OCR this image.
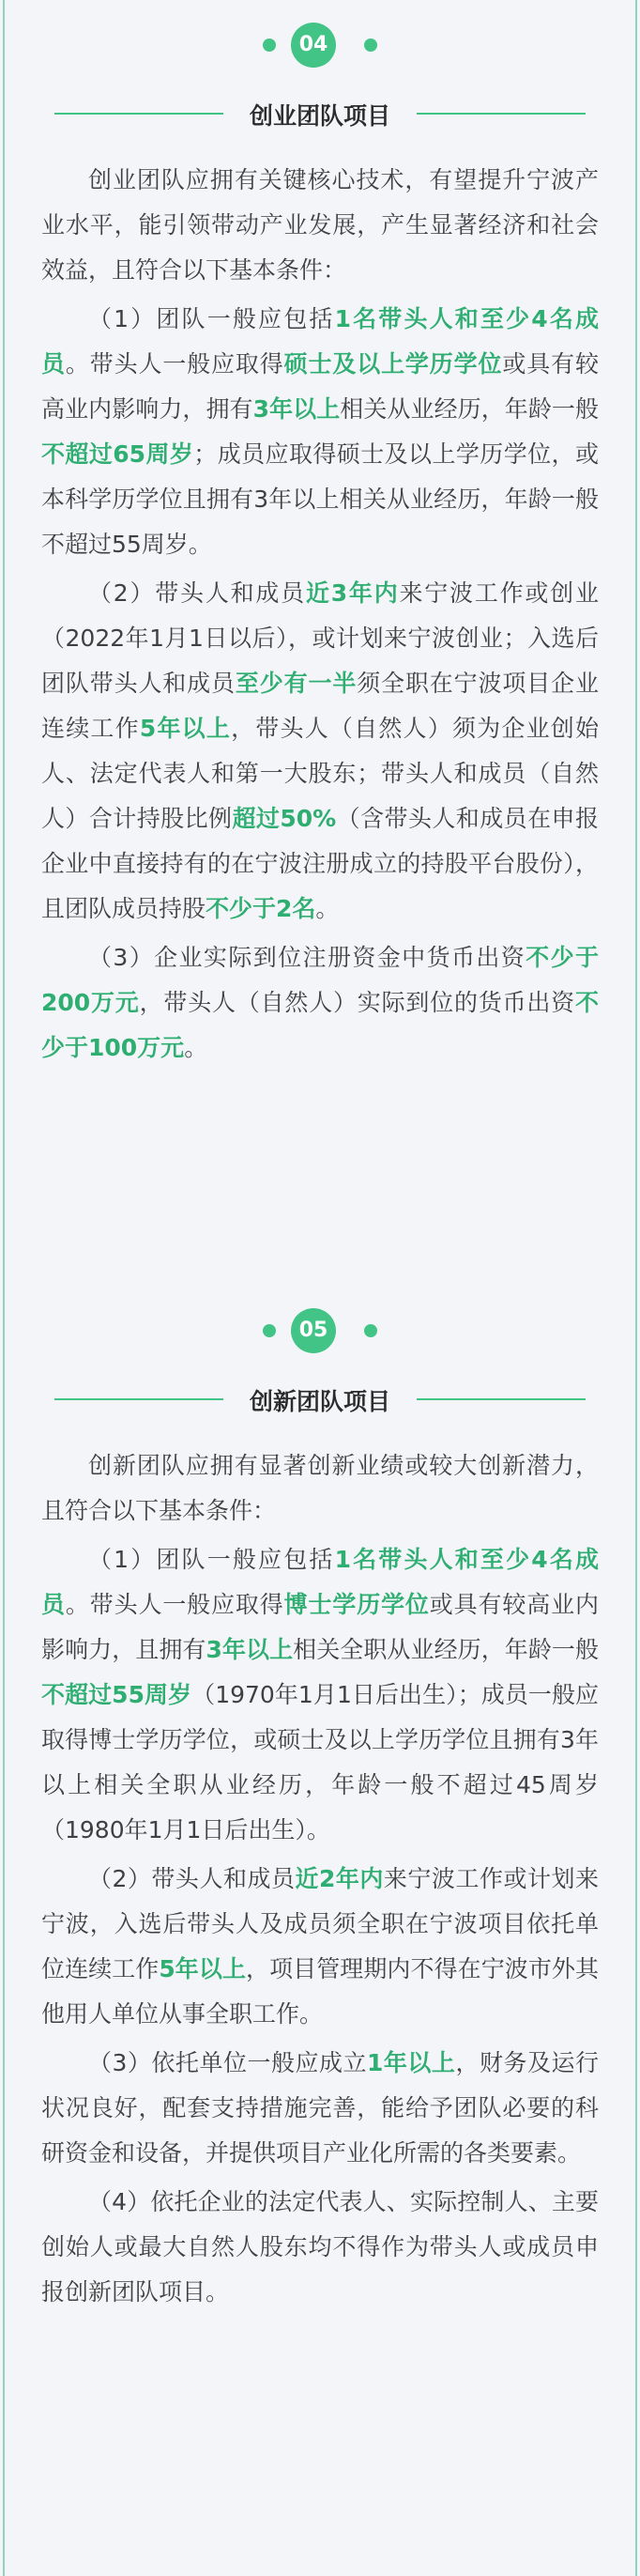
04
创业团队项目

创业团队应拥有关键核心技术，有望提升宁波产业水平，能引领带动产业发展，产生显著经济和社会效益，且符合以下基本条件：

（1）团队一般应包括1名带头人和至少4名成员。带头人一般应取得硕士及以上学历学位或具有较高业内影响力，拥有3年以上相关从业经历，年龄一般不超过65周岁；成员应取得硕士及以上学历学位，或本科学历学位且拥有3年以上相关从业经历，年龄一般不超过55周岁。

（2）带头人和成员近3年内来宁波工作或创业（2022年1月1日以后），或计划来宁波创业；入选后团队带头人和成员至少有一半须全职在宁波项目企业连续工作5年以上，带头人（自然人）须为企业创始人、法定代表人和第一大股东；带头人和成员（自然人）合计持股比例超过50%（含带头人和成员在申报企业中直接持有的在宁波注册成立的持股平台股份），且团队成员持股不少于2名。

（3）企业实际到位注册资金中货币出资不少于200万元，带头人（自然人）实际到位的货币出资不少于100万元。

05
创新团队项目

创新团队应拥有显著创新业绩或较大创新潜力，且符合以下基本条件：

（1）团队一般应包括1名带头人和至少4名成员。带头人一般应取得博士学历学位或具有较高业内影响力，且拥有3年以上相关全职从业经历，年龄一般不超过55周岁（1970年1月1日后出生）；成员一般应取得博士学历学位，或硕士及以上学历学位且拥有3年以上相关全职从业经历，年龄一般不超过45周岁（1980年1月1日后出生）。

（2）带头人和成员近2年内来宁波工作或计划来宁波，入选后带头人及成员须全职在宁波项目依托单位连续工作5年以上，项目管理期内不得在宁波市外其他用人单位从事全职工作。

（3）依托单位一般应成立1年以上，财务及运行状况良好，配套支持措施完善，能给予团队必要的科研资金和设备，并提供项目产业化所需的各类要素。

（4）依托企业的法定代表人、实际控制人、主要创始人或最大自然人股东均不得作为带头人或成员申报创新团队项目。
